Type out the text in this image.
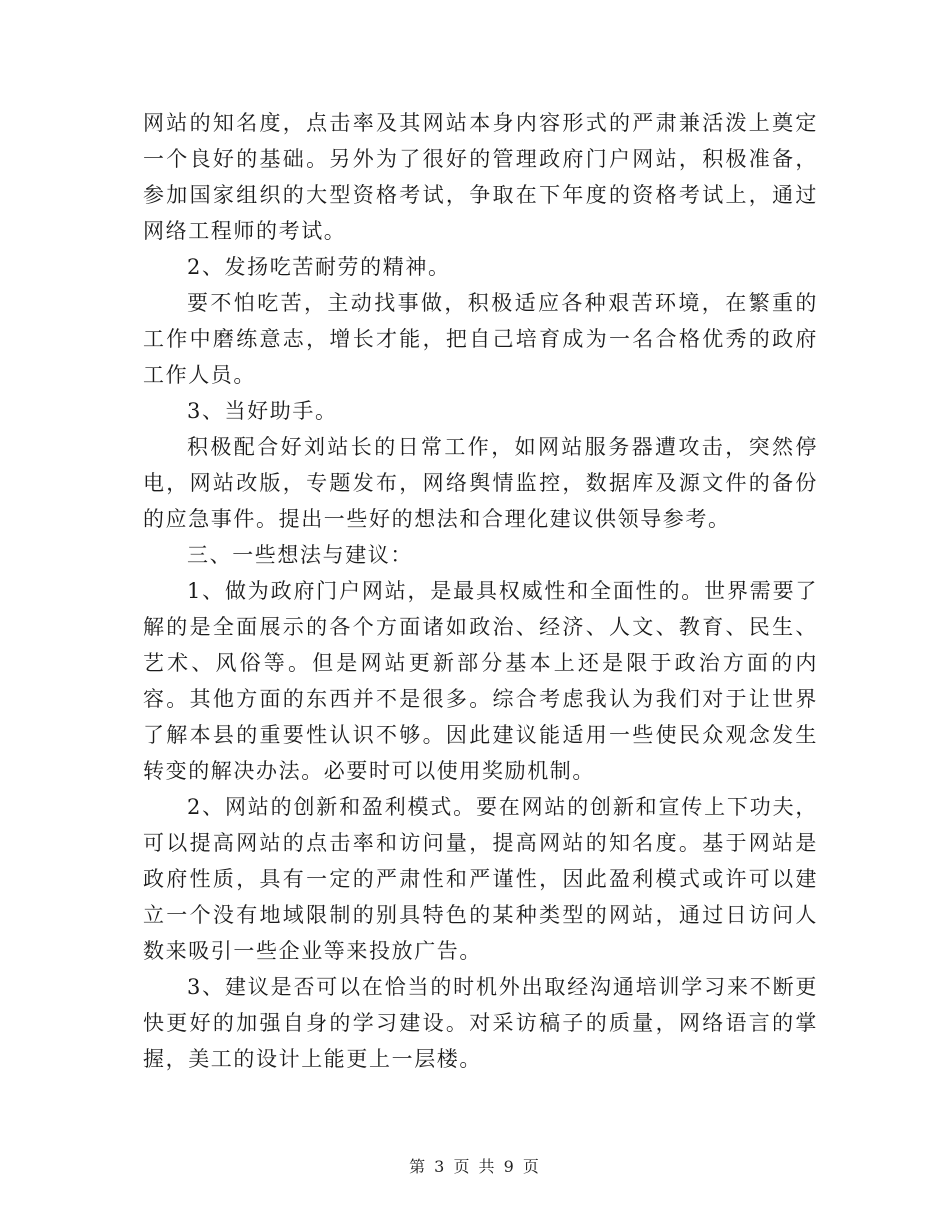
网站的知名度，点击率及其网站本身内容形式的严肃兼活泼上奠定一个良好的基础。另外为了很好的管理政府门户网站，积极准备，参加国家组织的大型资格考试，争取在下年度的资格考试上，通过网络工程师的考试。

2、发扬吃苦耐劳的精神。

要不怕吃苦，主动找事做，积极适应各种艰苦环境，在繁重的工作中磨练意志，增长才能，把自己培育成为一名合格优秀的政府工作人员。

3、当好助手。

积极配合好刘站长的日常工作，如网站服务器遭攻击，突然停电，网站改版，专题发布，网络舆情监控，数据库及源文件的备份的应急事件。提出一些好的想法和合理化建议供领导参考。

三、一些想法与建议：

1、做为政府门户网站，是最具权威性和全面性的。世界需要了解的是全面展示的各个方面诸如政治、经济、人文、教育、民生、艺术、风俗等。但是网站更新部分基本上还是限于政治方面的内容。其他方面的东西并不是很多。综合考虑我认为我们对于让世界了解本县的重要性认识不够。因此建议能适用一些使民众观念发生转变的解决办法。必要时可以使用奖励机制。

2、网站的创新和盈利模式。要在网站的创新和宣传上下功夫，可以提高网站的点击率和访问量，提高网站的知名度。基于网站是政府性质，具有一定的严肃性和严谨性，因此盈利模式或许可以建立一个没有地域限制的别具特色的某种类型的网站，通过日访问人数来吸引一些企业等来投放广告。

3、建议是否可以在恰当的时机外出取经沟通培训学习来不断更快更好的加强自身的学习建设。对采访稿子的质量，网络语言的掌握，美工的设计上能更上一层楼。

第 3 页 共 9 页
